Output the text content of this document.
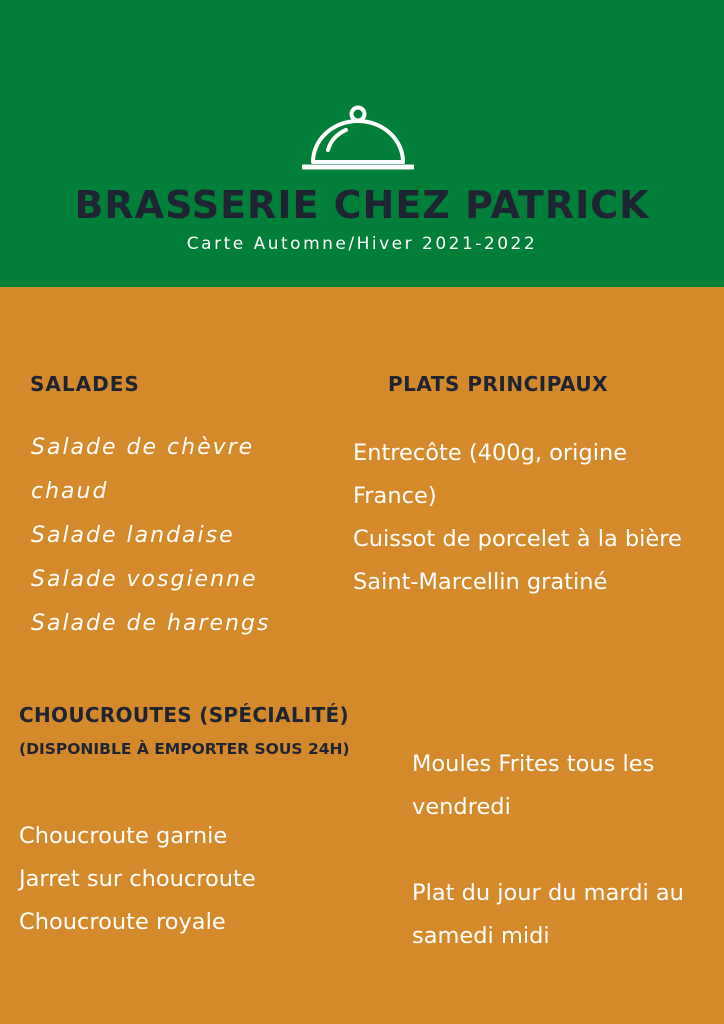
BRASSERIE CHEZ PATRICK
Carte Automne/Hiver 2021-2022
SALADES
Salade de chèvre chaud
Salade landaise
Salade vosgienne
Salade de harengs
PLATS PRINCIPAUX
Entrecôte (400g, origine France)
Cuissot de porcelet à la bière
Saint-Marcellin gratiné
CHOUCROUTES (SPÉCIALITÉ)
(DISPONIBLE À EMPORTER SOUS 24H)
Choucroute garnie
Jarret sur choucroute
Choucroute royale
Moules Frites tous les vendredi
Plat du jour du mardi au samedi midi
